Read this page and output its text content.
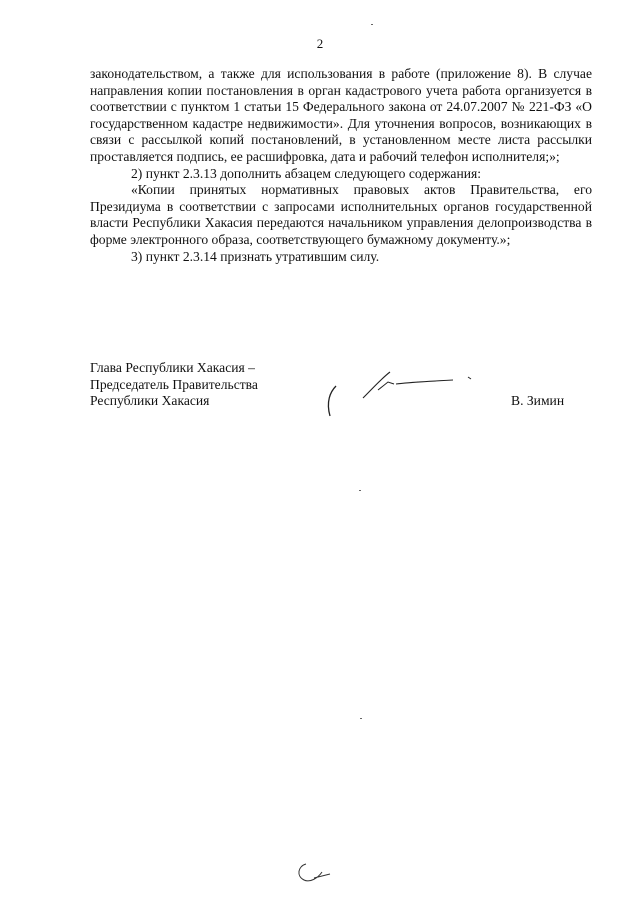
2

законодательством, а также для использования в работе (приложение 8). В случае направления копии постановления в орган кадастрового учета работа организуется в соответствии с пунктом 1 статьи 15 Федерального закона от 24.07.2007 № 221-ФЗ «О государственном кадастре недвижимости». Для уточнения вопросов, возникающих в связи с рассылкой копий постановлений, в установленном месте листа рассылки проставляется подпись, ее расшифровка, дата и рабочий телефон исполнителя;»;

2) пункт 2.3.13 дополнить абзацем следующего содержания:

«Копии принятых нормативных правовых актов Правительства, его Президиума в соответствии с запросами исполнительных органов государственной власти Республики Хакасия передаются начальником управления делопроизводства в форме электронного образа, соответствующего бумажному документу.»;

3) пункт 2.3.14 признать утратившим силу.

Глава Республики Хакасия –
Председатель Правительства
Республики Хакасия	В. Зимин
